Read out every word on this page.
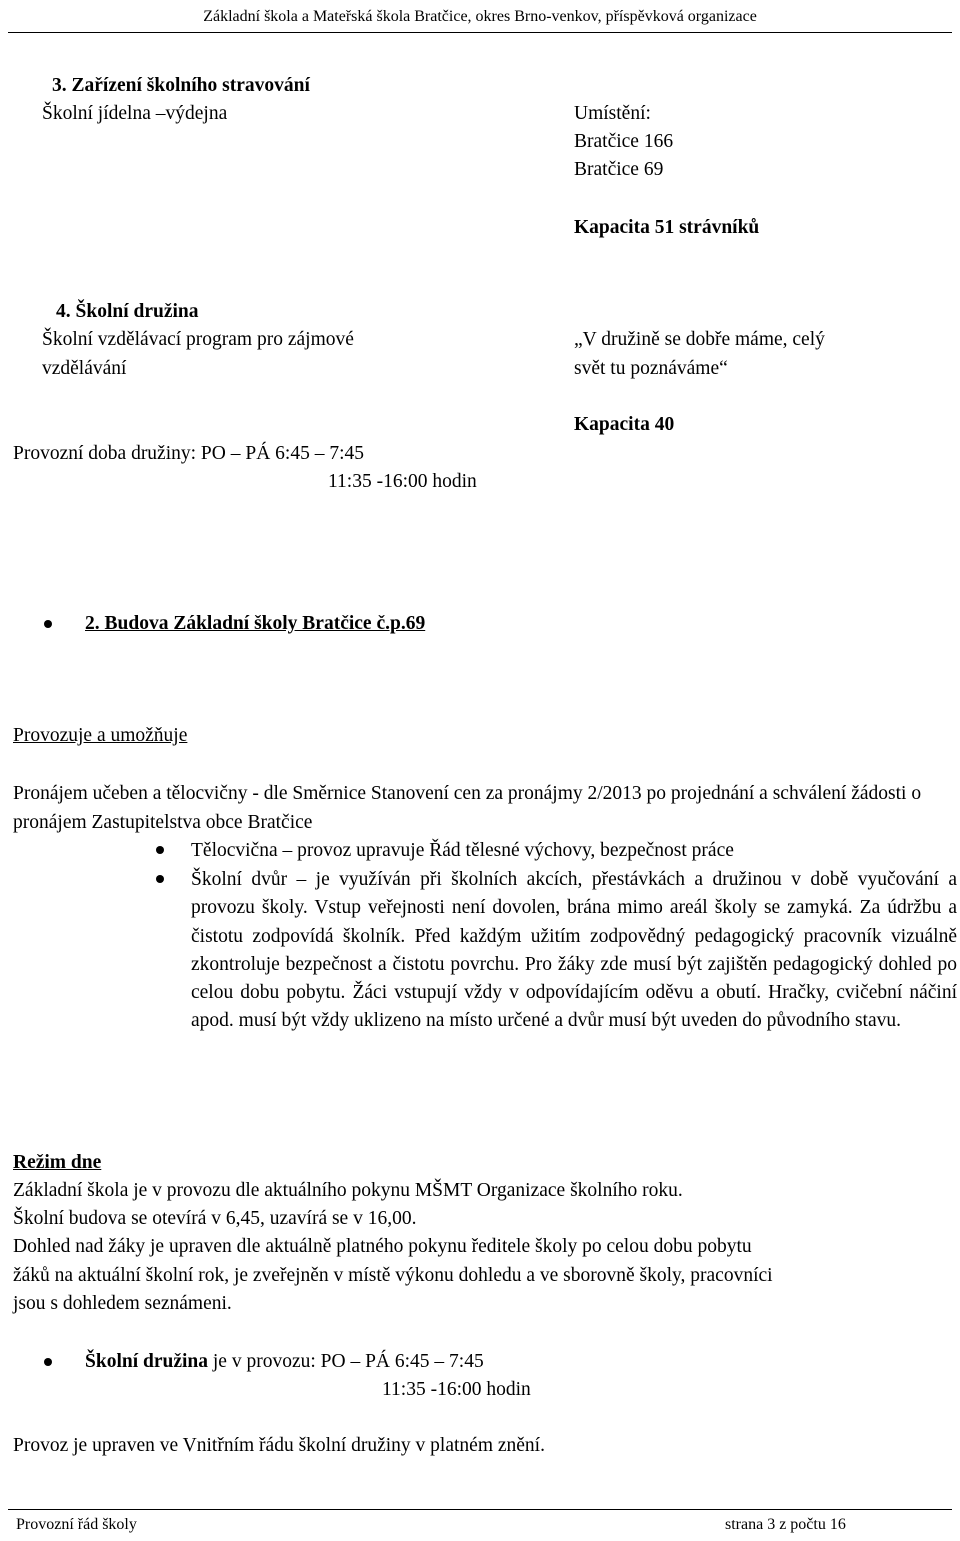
Základní škola a Mateřská škola Bratčice, okres Brno-venkov, příspěvková organizace
3. Zařízení školního stravování
Školní jídelna –výdejna	Umístění:
Bratčice 166
Bratčice 69
Kapacita 51 strávníků
4. Školní družina
Školní vzdělávací program pro zájmové
vzdělávání
„V družině se dobře máme, celý
svět tu poznáváme“
Kapacita 40
Provozní doba družiny: PO – PÁ 6:45 – 7:45
11:35 -16:00 hodin
2. Budova Základní školy Bratčice č.p.69
Provozuje a umožňuje
Pronájem učeben a tělocvičny - dle Směrnice Stanovení cen za pronájmy 2/2013 po projednání a schválení žádosti o pronájem Zastupitelstva obce Bratčice
Tělocvična – provoz upravuje Řád tělesné výchovy, bezpečnost práce
Školní dvůr – je využíván při školních akcích, přestávkách a družinou v době vyučování a provozu školy. Vstup veřejnosti není dovolen, brána mimo areál školy se zamyká. Za údržbu a čistotu zodpovídá školník. Před každým užitím zodpovědný pedagogický pracovník vizuálně zkontroluje bezpečnost a čistotu povrchu. Pro žáky zde musí být zajištěn pedagogický dohled po celou dobu pobytu. Žáci vstupují vždy v odpovídajícím oděvu a obutí. Hračky, cvičební náčiní apod. musí být vždy uklizeno na místo určené a dvůr musí být uveden do původního stavu.
Režim dne
Základní škola je v provozu dle aktuálního pokynu MŠMT Organizace školního roku.
Školní budova se otevírá v 6,45, uzavírá se v 16,00.
Dohled nad žáky je upraven dle aktuálně platného pokynu ředitele školy po celou dobu pobytu
žáků na aktuální školní rok, je zveřejněn v místě výkonu dohledu a ve sborovně školy, pracovníci
jsou s dohledem seznámeni.
Školní družina je v provozu: PO – PÁ 6:45 – 7:45
11:35 -16:00 hodin
Provoz je upraven ve Vnitřním řádu školní družiny v platném znění.
Provozní řád školy	strana 3 z počtu 16
